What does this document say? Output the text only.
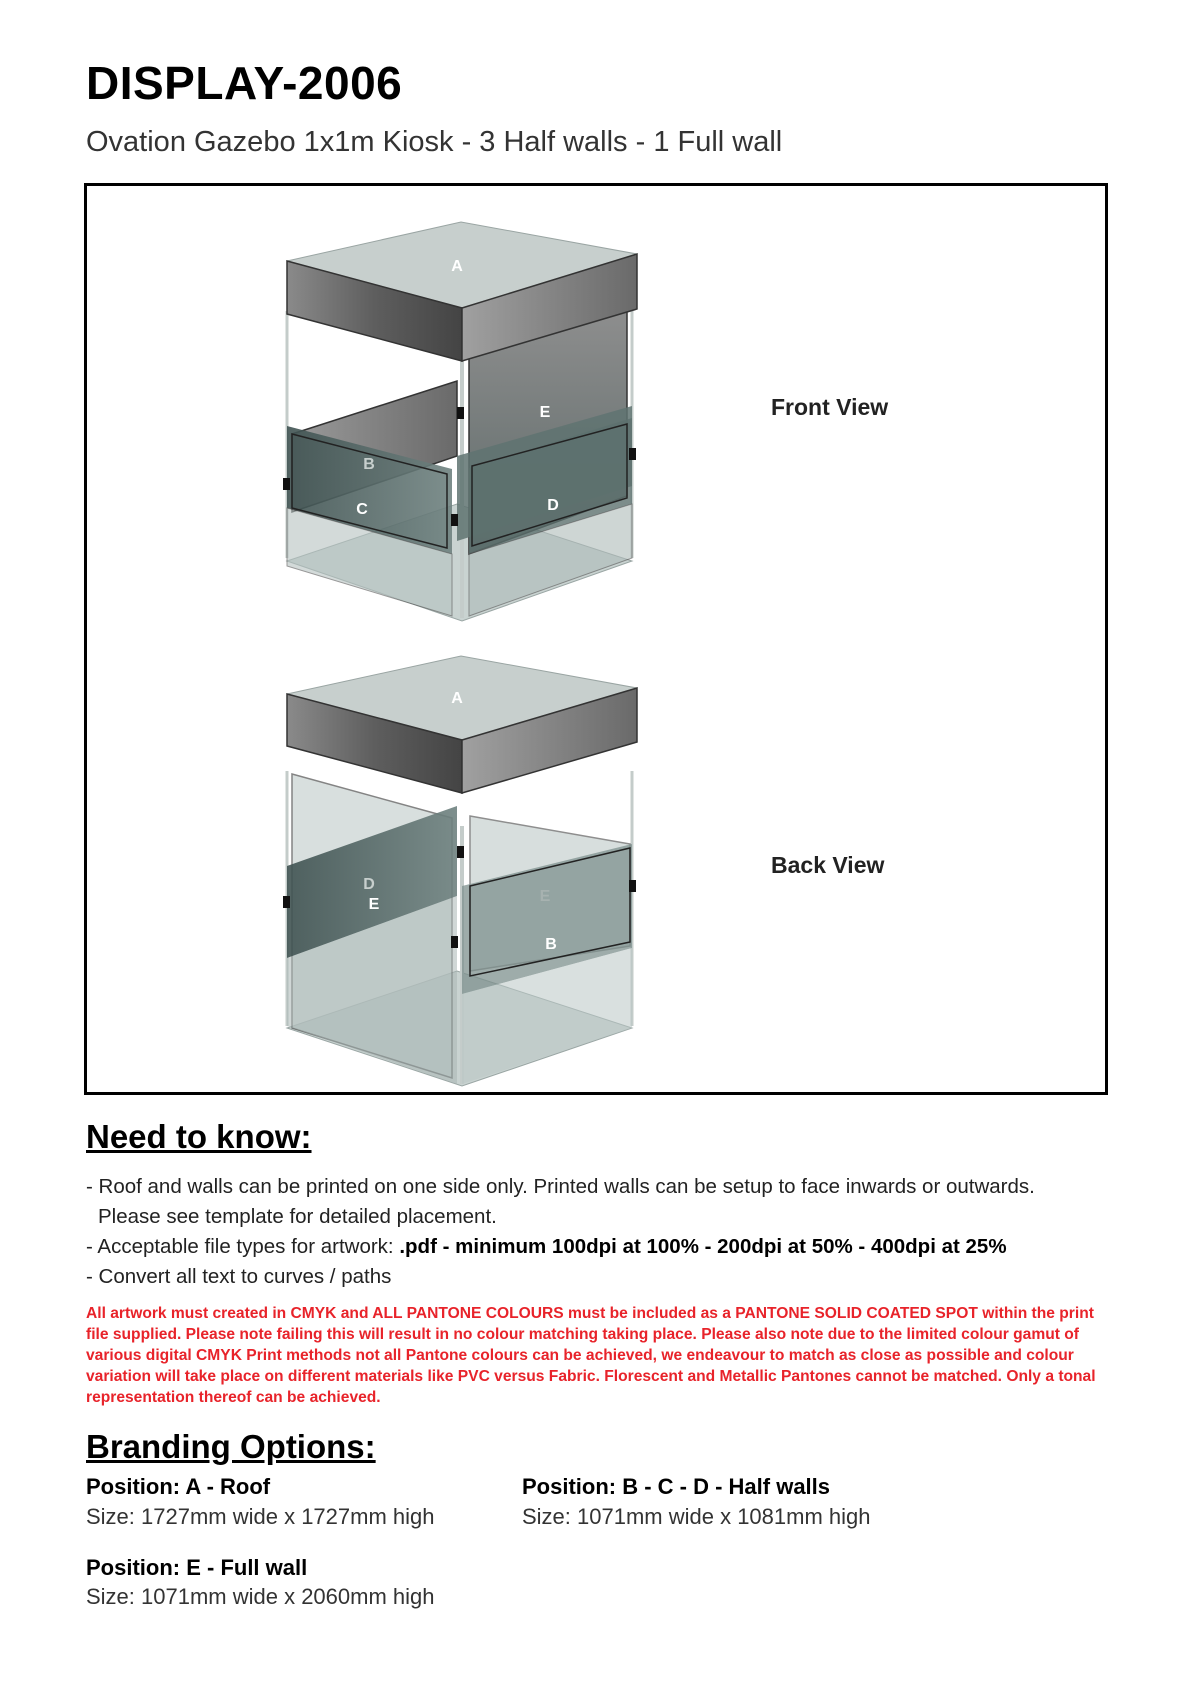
DISPLAY-2006
Ovation Gazebo 1x1m Kiosk - 3 Half walls - 1 Full wall
A
E
B
C	D
A
D
E	E
B
Front View
Back View
Need to know:
- Roof and walls can be printed on one side only. Printed walls can be setup to face inwards or outwards.
Please see template for detailed placement.
- Acceptable file types for artwork: .pdf - minimum 100dpi at 100% - 200dpi at 50% - 400dpi at 25%
- Convert all text to curves / paths
All artwork must created in CMYK and ALL PANTONE COLOURS must be included as a PANTONE SOLID COATED SPOT within the print file supplied. Please note failing this will result in no colour matching taking place. Please also note due to the limited colour gamut of various digital CMYK Print methods not all Pantone colours can be achieved, we endeavour to match as close as possible and colour variation will take place on different materials like PVC versus Fabric. Florescent and Metallic Pantones cannot be matched. Only a tonal representation thereof can be achieved.
Branding Options:
Position: A - Roof
Size: 1727mm wide x 1727mm high
Position: B - C - D - Half walls
Size: 1071mm wide x 1081mm high
Position: E - Full wall
Size: 1071mm wide x 2060mm high
